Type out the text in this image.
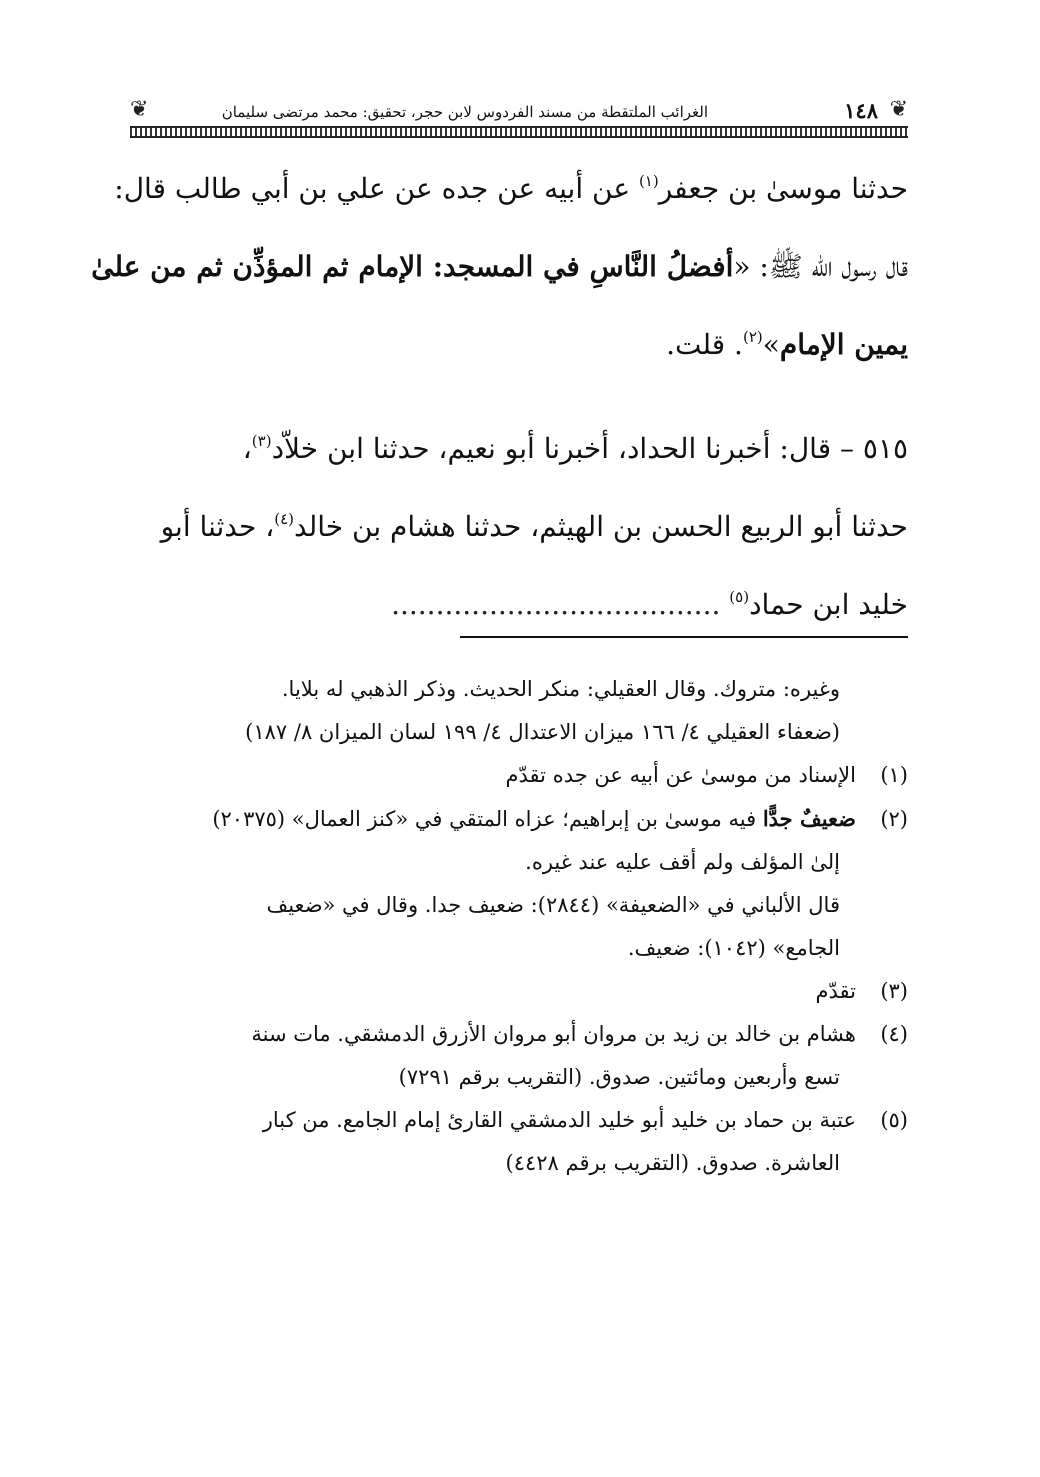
❦
١٤٨
الغرائب الملتقطة من مسند الفردوس لابن حجر، تحقيق: محمد مرتضى سليمان
❦
حدثنا موسىٰ بن جعفر$^{(١)}$ عن أبيه عن جده عن علي بن أبي طالب قال:
قال رسول الله ﷺ: «أفضلُ النَّاسِ في المسجد: الإمام ثم المؤذِّن ثم من علىٰ
يمين الإمام»$^{(٢)}$. قلت.
٥١٥ – قال: أخبرنا الحداد، أخبرنا أبو نعيم، حدثنا ابن خلاّد$^{(٣)}$،
حدثنا أبو الربيع الحسن بن الهيثم، حدثنا هشام بن خالد$^{(٤)}$، حدثنا أبو
خليد ابن حماد$^{(٥)}$ .....................................
وغيره: متروك. وقال العقيلي: منكر الحديث. وذكر الذهبي له بلايا.
(ضعفاء العقيلي ٤/ ١٦٦ ميزان الاعتدال ٤/ ١٩٩ لسان الميزان ٨/ ١٨٧)
(١)الإسناد من موسىٰ عن أبيه عن جده تقدّم
(٢)ضعيفٌ جدًّا فيه موسىٰ بن إبراهيم؛ عزاه المتقي في «كنز العمال» (٢٠٣٧٥)
إلىٰ المؤلف ولم أقف عليه عند غيره.
قال الألباني في «الضعيفة» (٢٨٤٤): ضعيف جدا. وقال في «ضعيف
الجامع» (١٠٤٢): ضعيف.
(٣)تقدّم
(٤)هشام بن خالد بن زيد بن مروان أبو مروان الأزرق الدمشقي. مات سنة
تسع وأربعين ومائتين. صدوق. (التقريب برقم ٧٢٩١)
(٥)عتبة بن حماد بن خليد أبو خليد الدمشقي القارئ إمام الجامع. من كبار
العاشرة. صدوق. (التقريب برقم ٤٤٢٨)
